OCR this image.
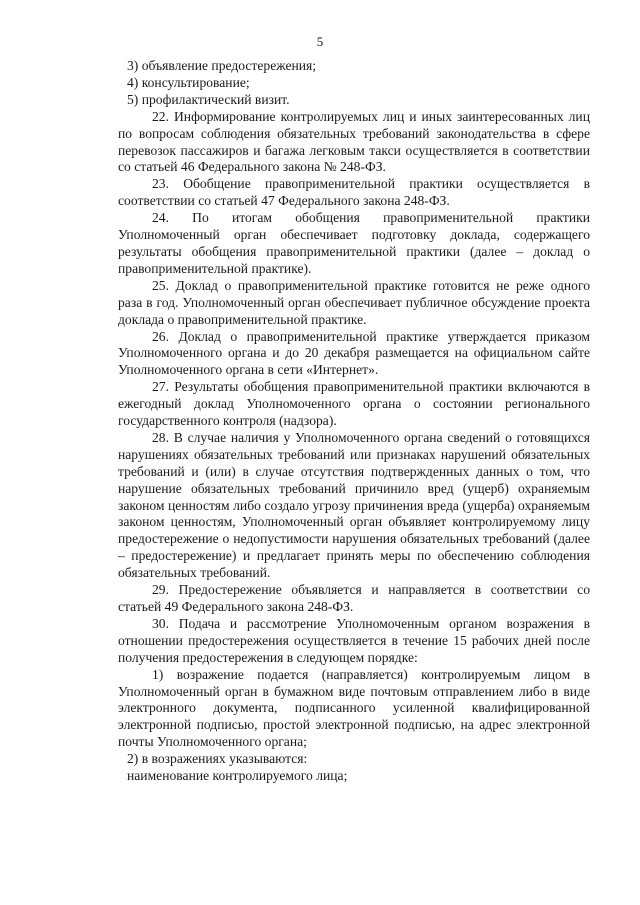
5

3) объявление предостережения;

4) консультирование;

5) профилактический визит.

22. Информирование контролируемых лиц и иных заинтересованных лиц по вопросам соблюдения обязательных требований законодательства в сфере перевозок пассажиров и багажа легковым такси осуществляется в соответствии со статьей 46 Федерального закона № 248-ФЗ.

23. Обобщение правоприменительной практики осуществляется в соответствии со статьей 47 Федерального закона 248-ФЗ.

24. По итогам обобщения правоприменительной практики Уполномоченный орган обеспечивает подготовку доклада, содержащего результаты обобщения правоприменительной практики (далее – доклад о правоприменительной практике).

25. Доклад о правоприменительной практике готовится не реже одного раза в год. Уполномоченный орган обеспечивает публичное обсуждение проекта доклада о правоприменительной практике.

26. Доклад о правоприменительной практике утверждается приказом Уполномоченного органа и до 20 декабря размещается на официальном сайте Уполномоченного органа в сети «Интернет».

27. Результаты обобщения правоприменительной практики включаются в ежегодный доклад Уполномоченного органа о состоянии регионального государственного контроля (надзора).

28. В случае наличия у Уполномоченного органа сведений о готовящихся нарушениях обязательных требований или признаках нарушений обязательных требований и (или) в случае отсутствия подтвержденных данных о том, что нарушение обязательных требований причинило вред (ущерб) охраняемым законом ценностям либо создало угрозу причинения вреда (ущерба) охраняемым законом ценностям, Уполномоченный орган объявляет контролируемому лицу предостережение о недопустимости нарушения обязательных требований (далее – предостережение) и предлагает принять меры по обеспечению соблюдения обязательных требований.

29. Предостережение объявляется и направляется в соответствии со статьей 49 Федерального закона 248-ФЗ.

30. Подача и рассмотрение Уполномоченным органом возражения в отношении предостережения осуществляется в течение 15 рабочих дней после получения предостережения в следующем порядке:

1) возражение подается (направляется) контролируемым лицом в Уполномоченный орган в бумажном виде почтовым отправлением либо в виде электронного документа, подписанного усиленной квалифицированной электронной подписью, простой электронной подписью, на адрес электронной почты Уполномоченного органа;

2) в возражениях указываются:

наименование контролируемого лица;
